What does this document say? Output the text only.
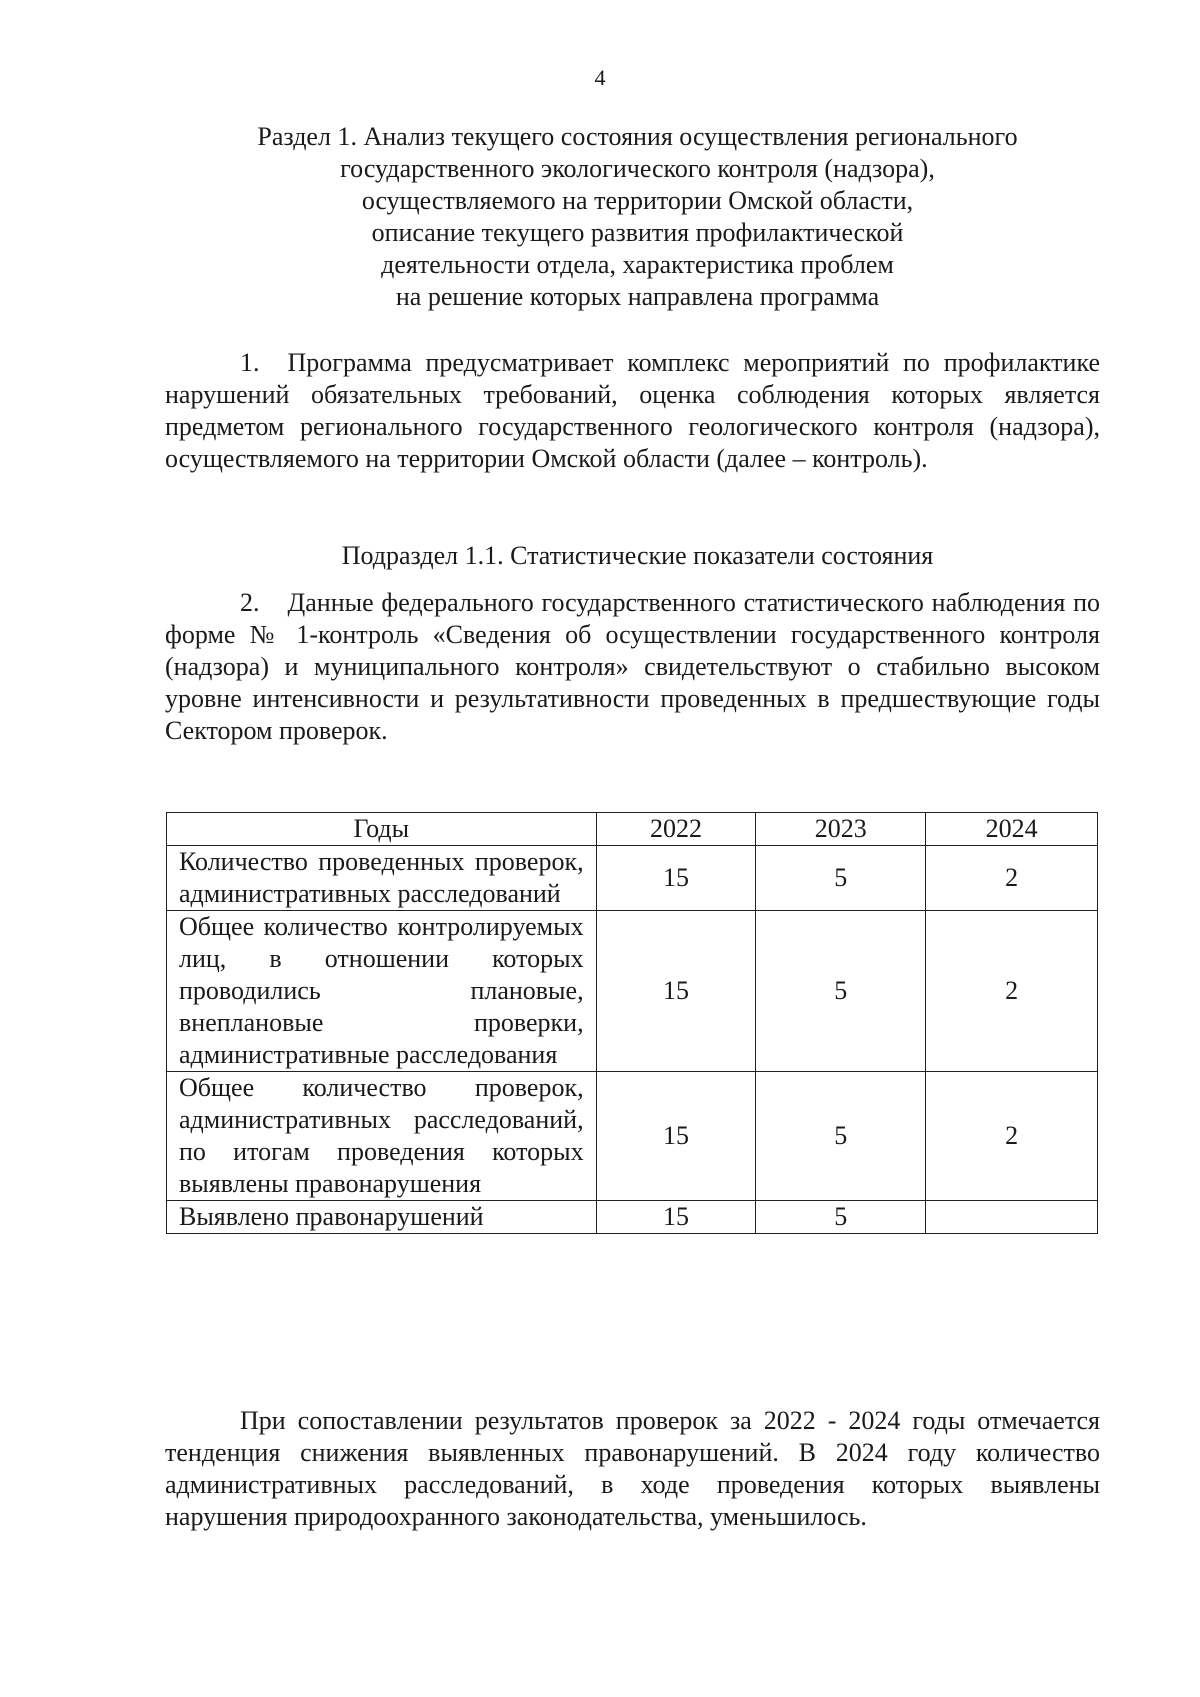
4
Раздел 1. Анализ текущего состояния осуществления регионального
государственного экологического контроля (надзора),
осуществляемого на территории Омской области,
описание текущего развития профилактической
деятельности отдела, характеристика проблем
на решение которых направлена программа

1. Программа предусматривает комплекс мероприятий по профилактике нарушений обязательных требований, оценка соблюдения которых является предметом регионального государственного геологического контроля (надзора), осуществляемого на территории Омской области (далее – контроль).

Подраздел 1.1. Статистические показатели состояния

2. Данные федерального государственного статистического наблюдения по форме № 1-контроль «Сведения об осуществлении государственного контроля (надзора) и муниципального контроля» свидетельствуют о стабильно высоком уровне интенсивности и результативности проведенных в предшествующие годы Сектором проверок.

Годы	2022	2023	2024
Количество проведенных проверок, административных расследований	15	5	2
Общее количество контролируемых лиц, в отношении которых проводились плановые, внеплановые проверки, административные расследования	15	5	2
Общее количество проверок, административных расследований, по итогам проведения которых выявлены правонарушения	15	5	2
Выявлено правонарушений	15	5	

При сопоставлении результатов проверок за 2022 - 2024 годы отмечается тенденция снижения выявленных правонарушений. В 2024 году количество административных расследований, в ходе проведения которых выявлены нарушения природоохранного законодательства, уменьшилось.
